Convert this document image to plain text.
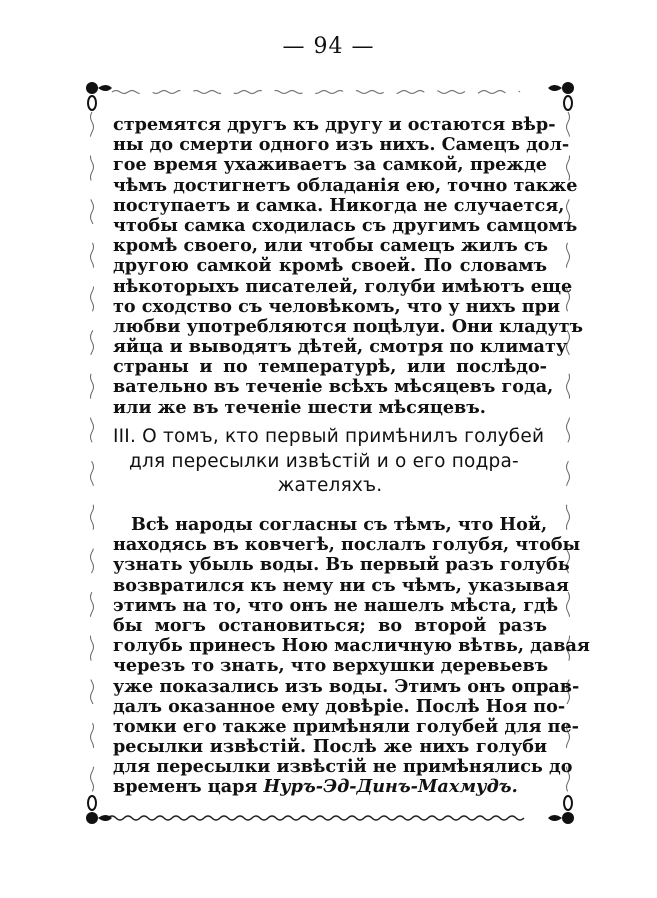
— 94 —
стремятся другъ къ другу и остаются вѣр-
ны до смерти одного изъ нихъ. Самецъ дол-
гое время ухаживаетъ за самкой, прежде
чѣмъ достигнетъ обладанія ею, точно также
поступаетъ и самка. Никогда не случается,
чтобы самка сходилась съ другимъ самцомъ
кромѣ своего, или чтобы самецъ жилъ съ
другою самкой кромѣ своей. По словамъ
нѣкоторыхъ писателей, голуби имѣютъ еще
то сходство съ человѣкомъ, что у нихъ при
любви употребляются поцѣлуи. Они кладутъ
яйца и выводятъ дѣтей, смотря по климату
страны и по температурѣ, или послѣдо-
вательно въ теченіе всѣхъ мѣсяцевъ года,
или же въ теченіе шести мѣсяцевъ.
III. О томъ, кто первый примѣнилъ голубей
для пересылки извѣстій и о его подра-
жателяхъ.
Всѣ народы согласны съ тѣмъ, что Ной,
находясь въ ковчегѣ, послалъ голубя, чтобы
узнать убыль воды. Въ первый разъ голубь
возвратился къ нему ни съ чѣмъ, указывая
этимъ на то, что онъ не нашелъ мѣста, гдѣ
бы могъ остановиться; во второй разъ
голубь принесъ Ною масличную вѣтвь, давая
черезъ то знать, что верхушки деревьевъ
уже показались изъ воды. Этимъ онъ оправ-
далъ оказанное ему довѣріе. Послѣ Ноя по-
томки его также примѣняли голубей для пе-
ресылки извѣстій. Послѣ же нихъ голуби
для пересылки извѣстій не примѣнялись до
временъ царя Нуръ-Эд-Динъ-Махмудъ.
